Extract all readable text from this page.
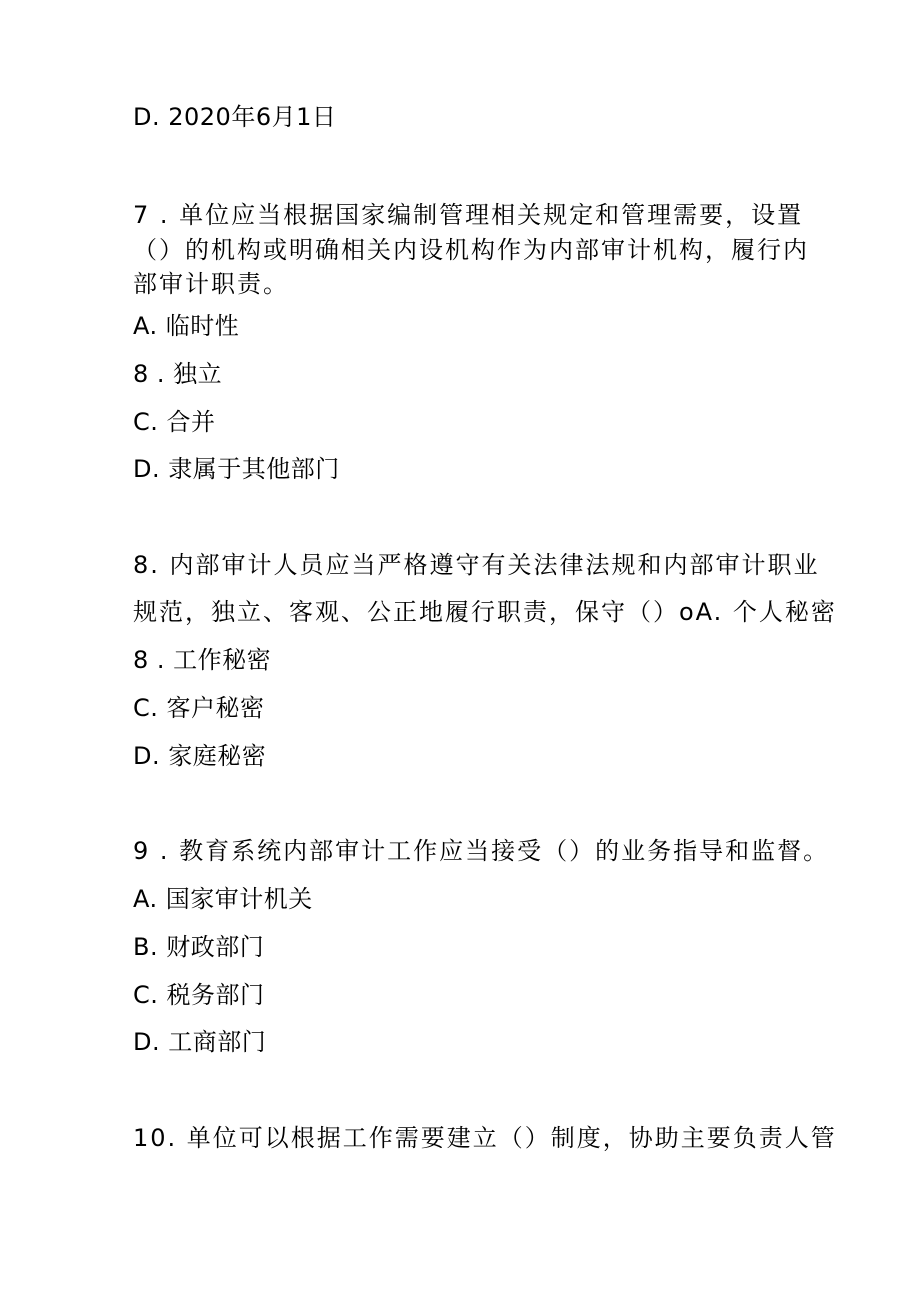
D. 2020年6月1日
7 . 单位应当根据国家编制管理相关规定和管理需要，设置
（）的机构或明确相关内设机构作为内部审计机构，履行内
部审计职责。
A. 临时性
8 . 独立
C. 合并
D. 隶属于其他部门
8. 内部审计人员应当严格遵守有关法律法规和内部审计职业
规范，独立、客观、公正地履行职责，保守（）oA. 个人秘密
8 . 工作秘密
C. 客户秘密
D. 家庭秘密
9 . 教育系统内部审计工作应当接受（）的业务指导和监督。
A. 国家审计机关
B. 财政部门
C. 税务部门
D. 工商部门
10. 单位可以根据工作需要建立（）制度，协助主要负责人管
